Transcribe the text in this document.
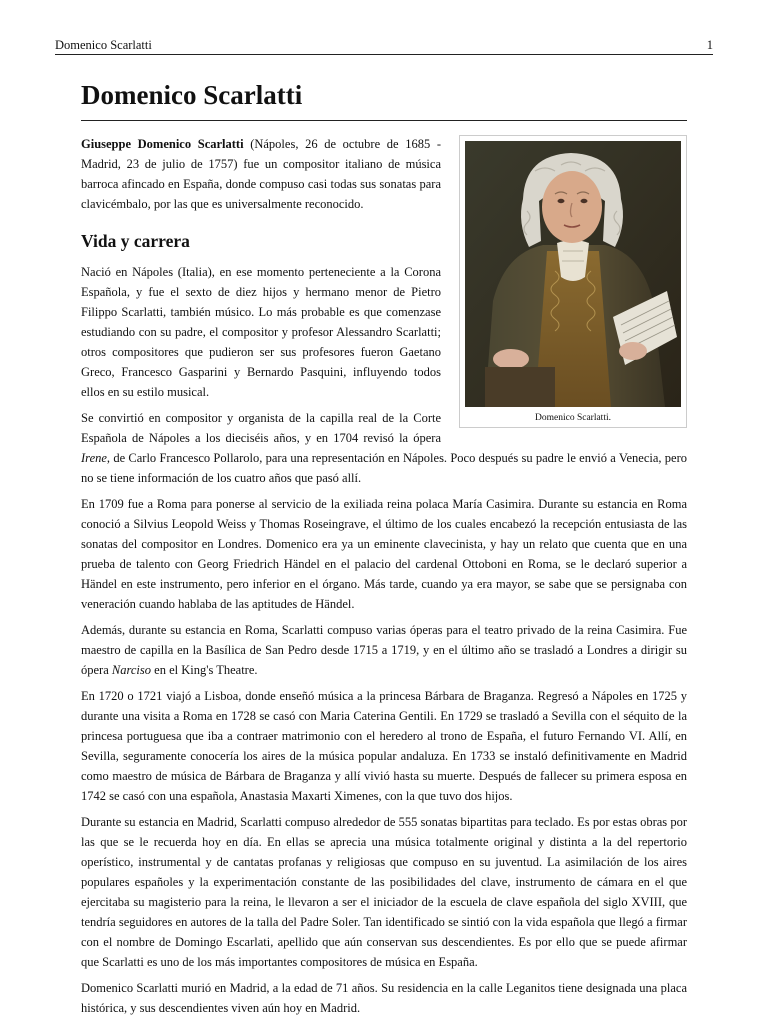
Domenico Scarlatti	1
Domenico Scarlatti
Domenico Scarlatti.

Giuseppe Domenico Scarlatti (Nápoles, 26 de octubre de 1685 - Madrid, 23 de julio de 1757) fue un compositor italiano de música barroca afincado en España, donde compuso casi todas sus sonatas para clavicémbalo, por las que es universalmente reconocido.

Vida y carrera

Nació en Nápoles (Italia), en ese momento perteneciente a la Corona Española, y fue el sexto de diez hijos y hermano menor de Pietro Filippo Scarlatti, también músico. Lo más probable es que comenzase estudiando con su padre, el compositor y profesor Alessandro Scarlatti; otros compositores que pudieron ser sus profesores fueron Gaetano Greco, Francesco Gasparini y Bernardo Pasquini, influyendo todos ellos en su estilo musical.

Se convirtió en compositor y organista de la capilla real de la Corte Española de Nápoles a los dieciséis años, y en 1704 revisó la ópera Irene, de Carlo Francesco Pollarolo, para una representación en Nápoles. Poco después su padre le envió a Venecia, pero no se tiene información de los cuatro años que pasó allí.

En 1709 fue a Roma para ponerse al servicio de la exiliada reina polaca María Casimira. Durante su estancia en Roma conoció a Silvius Leopold Weiss y Thomas Roseingrave, el último de los cuales encabezó la recepción entusiasta de las sonatas del compositor en Londres. Domenico era ya un eminente clavecinista, y hay un relato que cuenta que en una prueba de talento con Georg Friedrich Händel en el palacio del cardenal Ottoboni en Roma, se le declaró superior a Händel en este instrumento, pero inferior en el órgano. Más tarde, cuando ya era mayor, se sabe que se persignaba con veneración cuando hablaba de las aptitudes de Händel.

Además, durante su estancia en Roma, Scarlatti compuso varias óperas para el teatro privado de la reina Casimira. Fue maestro de capilla en la Basílica de San Pedro desde 1715 a 1719, y en el último año se trasladó a Londres a dirigir su ópera Narciso en el King's Theatre.

En 1720 o 1721 viajó a Lisboa, donde enseñó música a la princesa Bárbara de Braganza. Regresó a Nápoles en 1725 y durante una visita a Roma en 1728 se casó con Maria Caterina Gentili. En 1729 se trasladó a Sevilla con el séquito de la princesa portuguesa que iba a contraer matrimonio con el heredero al trono de España, el futuro Fernando VI. Allí, en Sevilla, seguramente conocería los aires de la música popular andaluza. En 1733 se instaló definitivamente en Madrid como maestro de música de Bárbara de Braganza y allí vivió hasta su muerte. Después de fallecer su primera esposa en 1742 se casó con una española, Anastasia Maxarti Ximenes, con la que tuvo dos hijos.

Durante su estancia en Madrid, Scarlatti compuso alrededor de 555 sonatas bipartitas para teclado. Es por estas obras por las que se le recuerda hoy en día. En ellas se aprecia una música totalmente original y distinta a la del repertorio operístico, instrumental y de cantatas profanas y religiosas que compuso en su juventud. La asimilación de los aires populares españoles y la experimentación constante de las posibilidades del clave, instrumento de cámara en el que ejercitaba su magisterio para la reina, le llevaron a ser el iniciador de la escuela de clave española del siglo XVIII, que tendría seguidores en autores de la talla del Padre Soler. Tan identificado se sintió con la vida española que llegó a firmar con el nombre de Domingo Escarlati, apellido que aún conservan sus descendientes. Es por ello que se puede afirmar que Scarlatti es uno de los más importantes compositores de música en España.

Domenico Scarlatti murió en Madrid, a la edad de 71 años. Su residencia en la calle Leganitos tiene designada una placa histórica, y sus descendientes viven aún hoy en Madrid.
